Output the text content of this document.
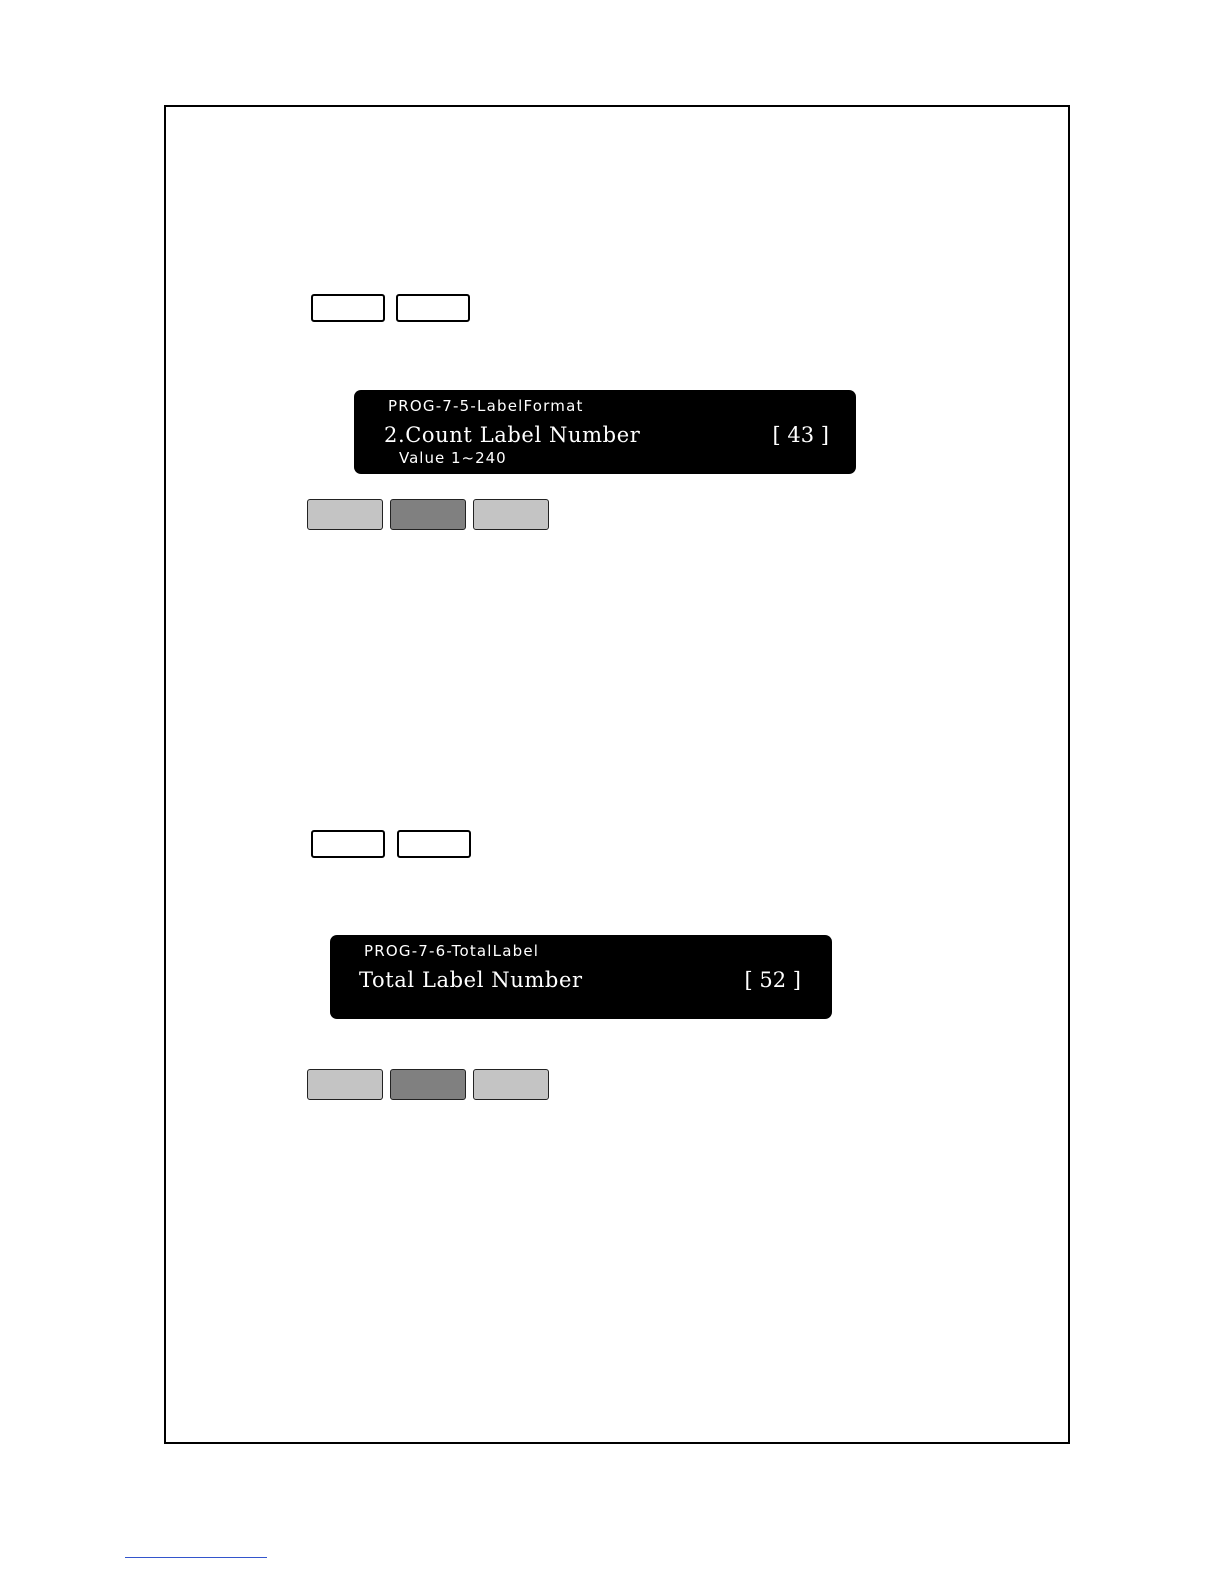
PROG-7-5-LabelFormat
2.Count Label Number	[ 43 ]
Value 1~240
PROG-7-6-TotalLabel
Total Label Number	[ 52 ]
